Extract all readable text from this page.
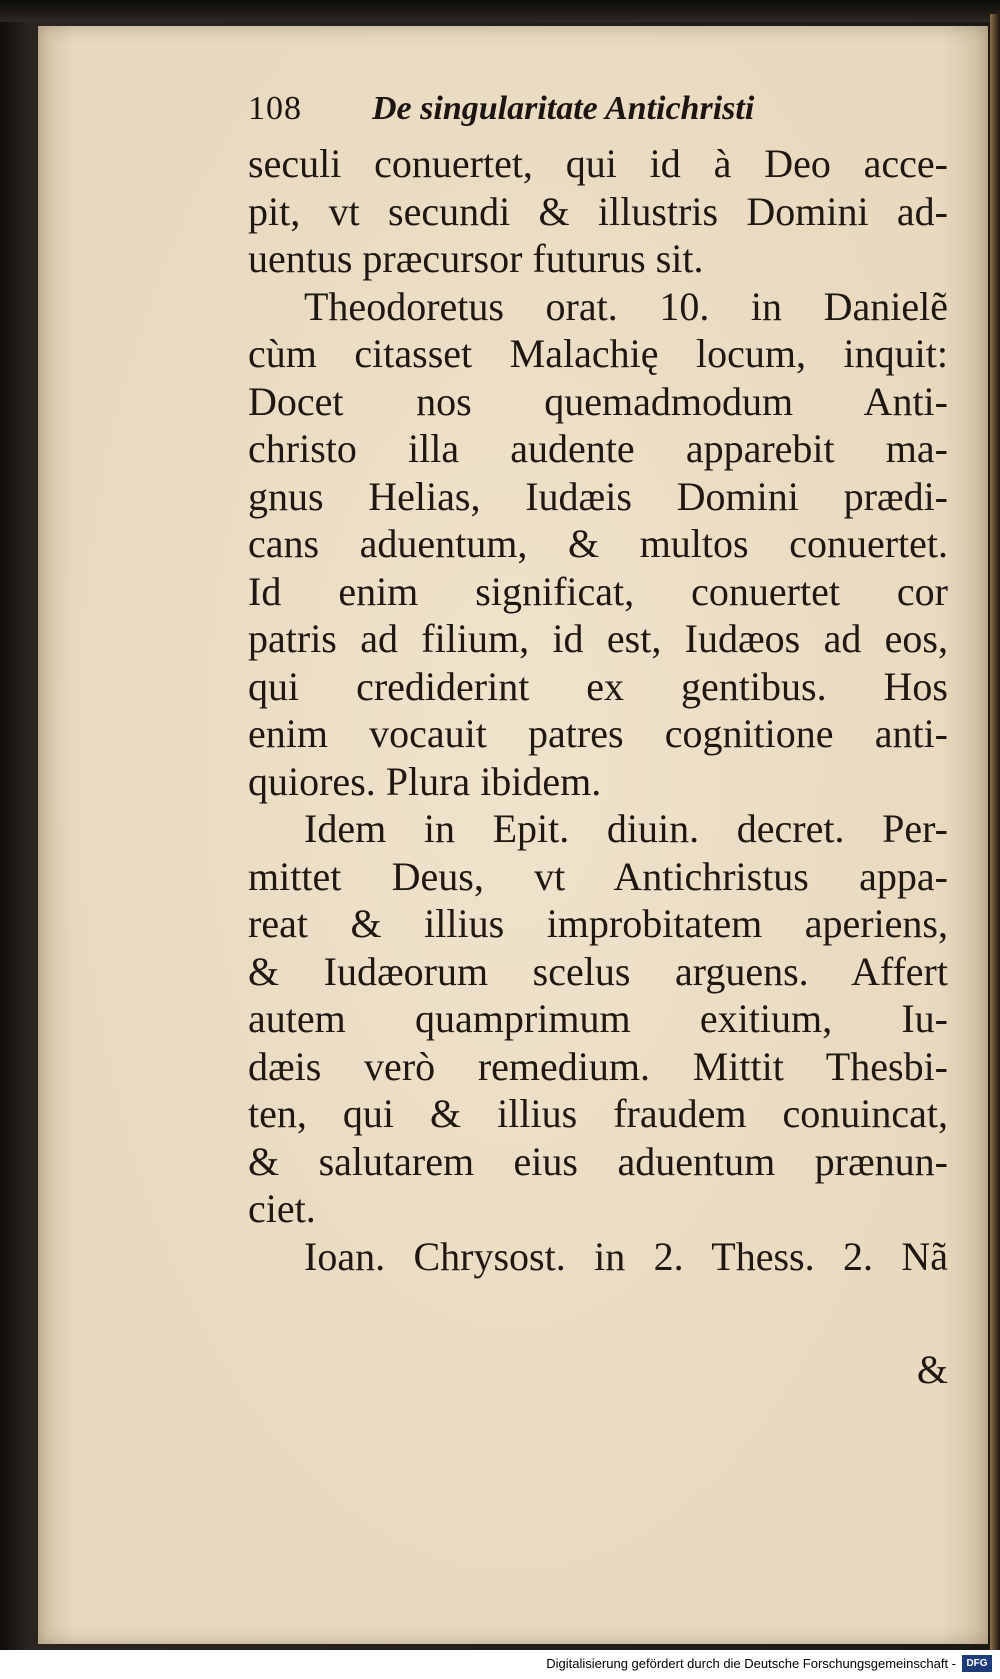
108 De singularitate Antichristi
seculi conuertet, qui id à Deo acce-
pit, vt secundi & illustris Domini ad-
uentus præcursor futurus sit.
Theodoretus orat. 10. in Danielẽ
cùm citasset Malachię locum, inquit:
Docet nos quemadmodum Anti-
christo illa audente apparebit ma-
gnus Helias, Iudæis Domini prædi-
cans aduentum, & multos conuertet.
Id enim significat, conuertet cor
patris ad filium, id est, Iudæos ad eos,
qui crediderint ex gentibus. Hos
enim vocauit patres cognitione anti-
quiores. Plura ibidem.
Idem in Epit. diuin. decret. Per-
mittet Deus, vt Antichristus appa-
reat & illius improbitatem aperiens,
& Iudæorum scelus arguens. Affert
autem quamprimum exitium, Iu-
dæis verò remedium. Mittit Thesbi-
ten, qui & illius fraudem conuincat,
& salutarem eius aduentum prænun-
ciet.
Ioan. Chrysost. in 2. Thess. 2. Nã
&
Digitalisierung gefördert durch die Deutsche Forschungsgemeinschaft -	DFG
